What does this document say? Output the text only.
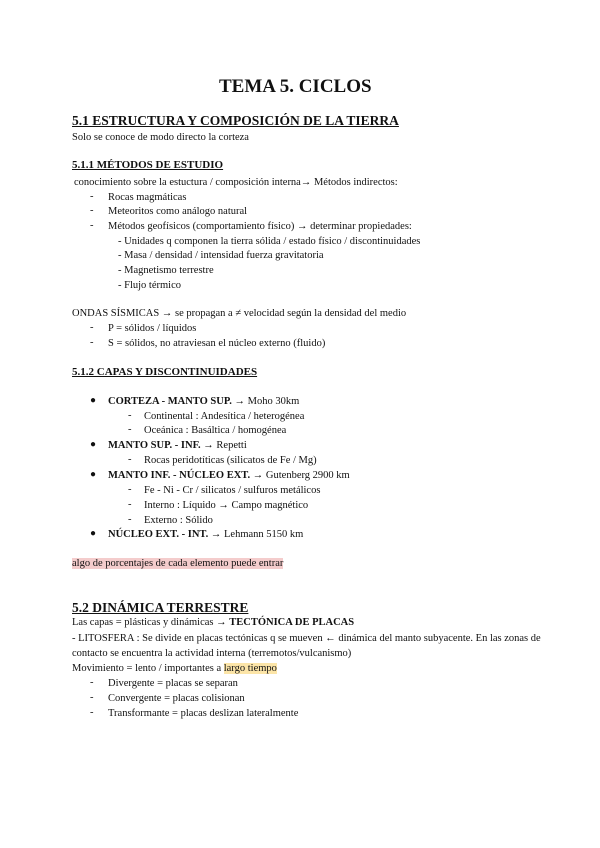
TEMA 5. CICLOS
5.1 ESTRUCTURA Y COMPOSICIÓN DE LA TIERRA
Solo se conoce de modo directo la corteza
5.1.1 MÉTODOS DE ESTUDIO
conocimiento sobre la estuctura / composición interna→ Métodos indirectos:
- Rocas magmáticas
- Meteoritos como análogo natural
- Métodos geofísicos (comportamiento físico) → determinar propiedades:
- Unidades q componen la tierra sólida / estado físico / discontinuidades
- Masa / densidad / intensidad fuerza gravitatoria
- Magnetismo terrestre
- Flujo térmico
ONDAS SÍSMICAS → se propagan a ≠ velocidad según la densidad del medio
- P = sólidos / líquidos
- S = sólidos, no atraviesan el núcleo externo (fluido)
5.1.2 CAPAS Y DISCONTINUIDADES
● CORTEZA - MANTO SUP. → Moho 30km
- Continental : Andesítica / heterogénea
- Oceánica : Basáltica / homogénea
● MANTO SUP. - INF. → Repetti
- Rocas peridotíticas (silicatos de Fe / Mg)
● MANTO INF. - NÚCLEO EXT. → Gutenberg 2900 km
- Fe - Ni - Cr / silicatos / sulfuros metálicos
- Interno : Líquido → Campo magnético
- Externo : Sólido
● NÚCLEO EXT. - INT. → Lehmann 5150 km
algo de porcentajes de cada elemento puede entrar
5.2 DINÁMICA TERRESTRE
Las capas = plásticas y dinámicas → TECTÓNICA DE PLACAS
- LITOSFERA : Se divide en placas tectónicas q se mueven ← dinámica del manto subyacente. En las zonas de contacto se encuentra la actividad interna (terremotos/vulcanismo)
Movimiento = lento / importantes a largo tiempo
- Divergente = placas se separan
- Convergente = placas colisionan
- Transformante = placas deslizan lateralmente
